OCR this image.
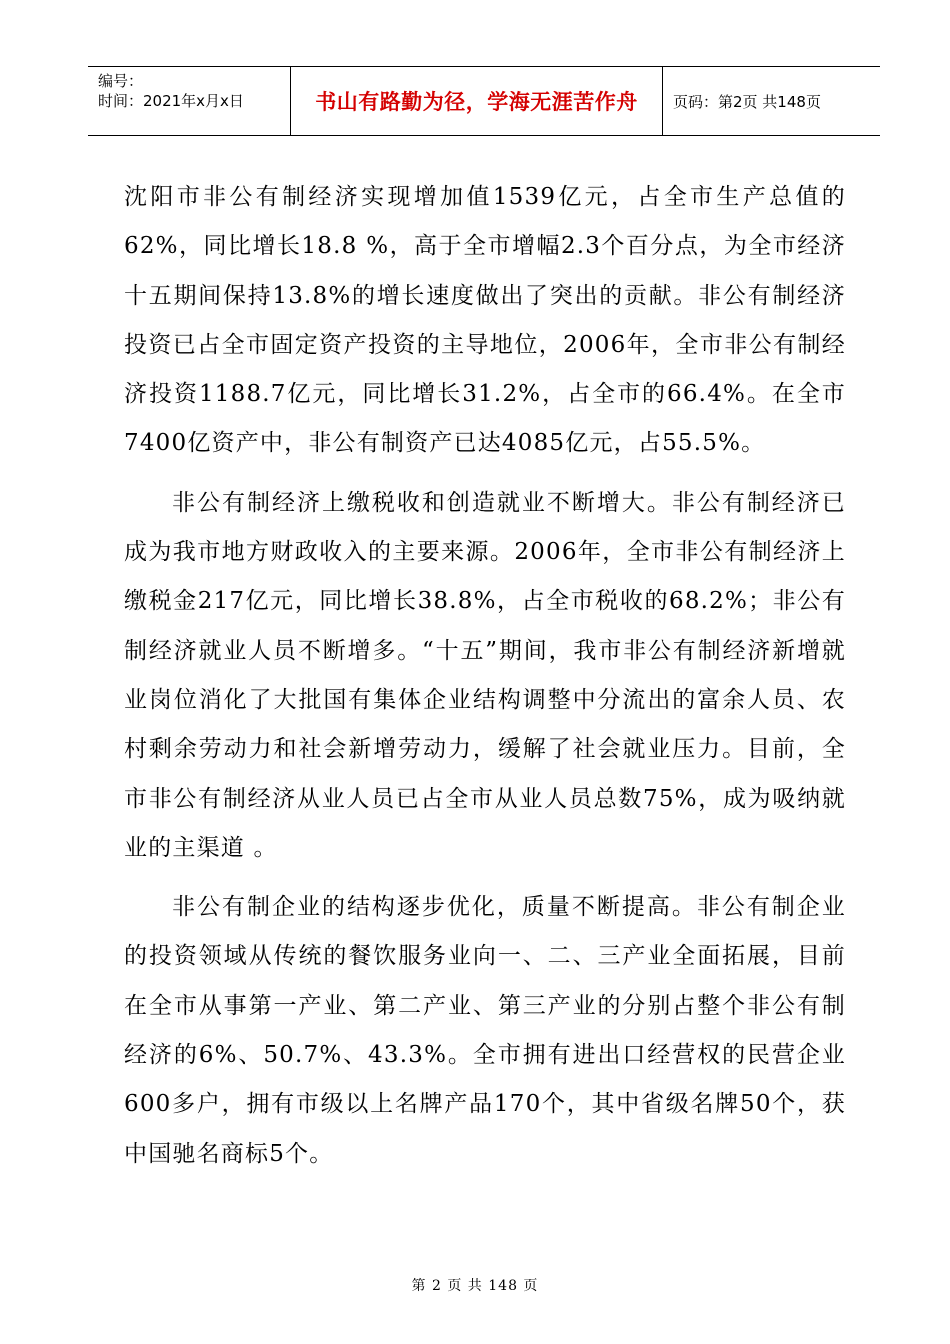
编号：
时间：2021年x月x日	书山有路勤为径，学海无涯苦作舟	页码：第2页 共148页

沈阳市非公有制经济实现增加值1539亿元，占全市生产总值的62%，同比增长18.8 %，高于全市增幅2.3个百分点，为全市经济十五期间保持13.8%的增长速度做出了突出的贡献。非公有制经济投资已占全市固定资产投资的主导地位，2006年，全市非公有制经济投资1188.7亿元，同比增长31.2%，占全市的66.4%。在全市7400亿资产中，非公有制资产已达4085亿元，占55.5%。

非公有制经济上缴税收和创造就业不断增大。非公有制经济已成为我市地方财政收入的主要来源。2006年，全市非公有制经济上缴税金217亿元，同比增长38.8%，占全市税收的68.2%；非公有制经济就业人员不断增多。“十五”期间，我市非公有制经济新增就业岗位消化了大批国有集体企业结构调整中分流出的富余人员、农村剩余劳动力和社会新增劳动力，缓解了社会就业压力。目前，全市非公有制经济从业人员已占全市从业人员总数75%，成为吸纳就业的主渠道 。

非公有制企业的结构逐步优化，质量不断提高。非公有制企业的投资领域从传统的餐饮服务业向一、二、三产业全面拓展，目前在全市从事第一产业、第二产业、第三产业的分别占整个非公有制经济的6%、50.7%、43.3%。全市拥有进出口经营权的民营企业600多户，拥有市级以上名牌产品170个，其中省级名牌50个，获中国驰名商标5个。

第 2 页 共 148 页
